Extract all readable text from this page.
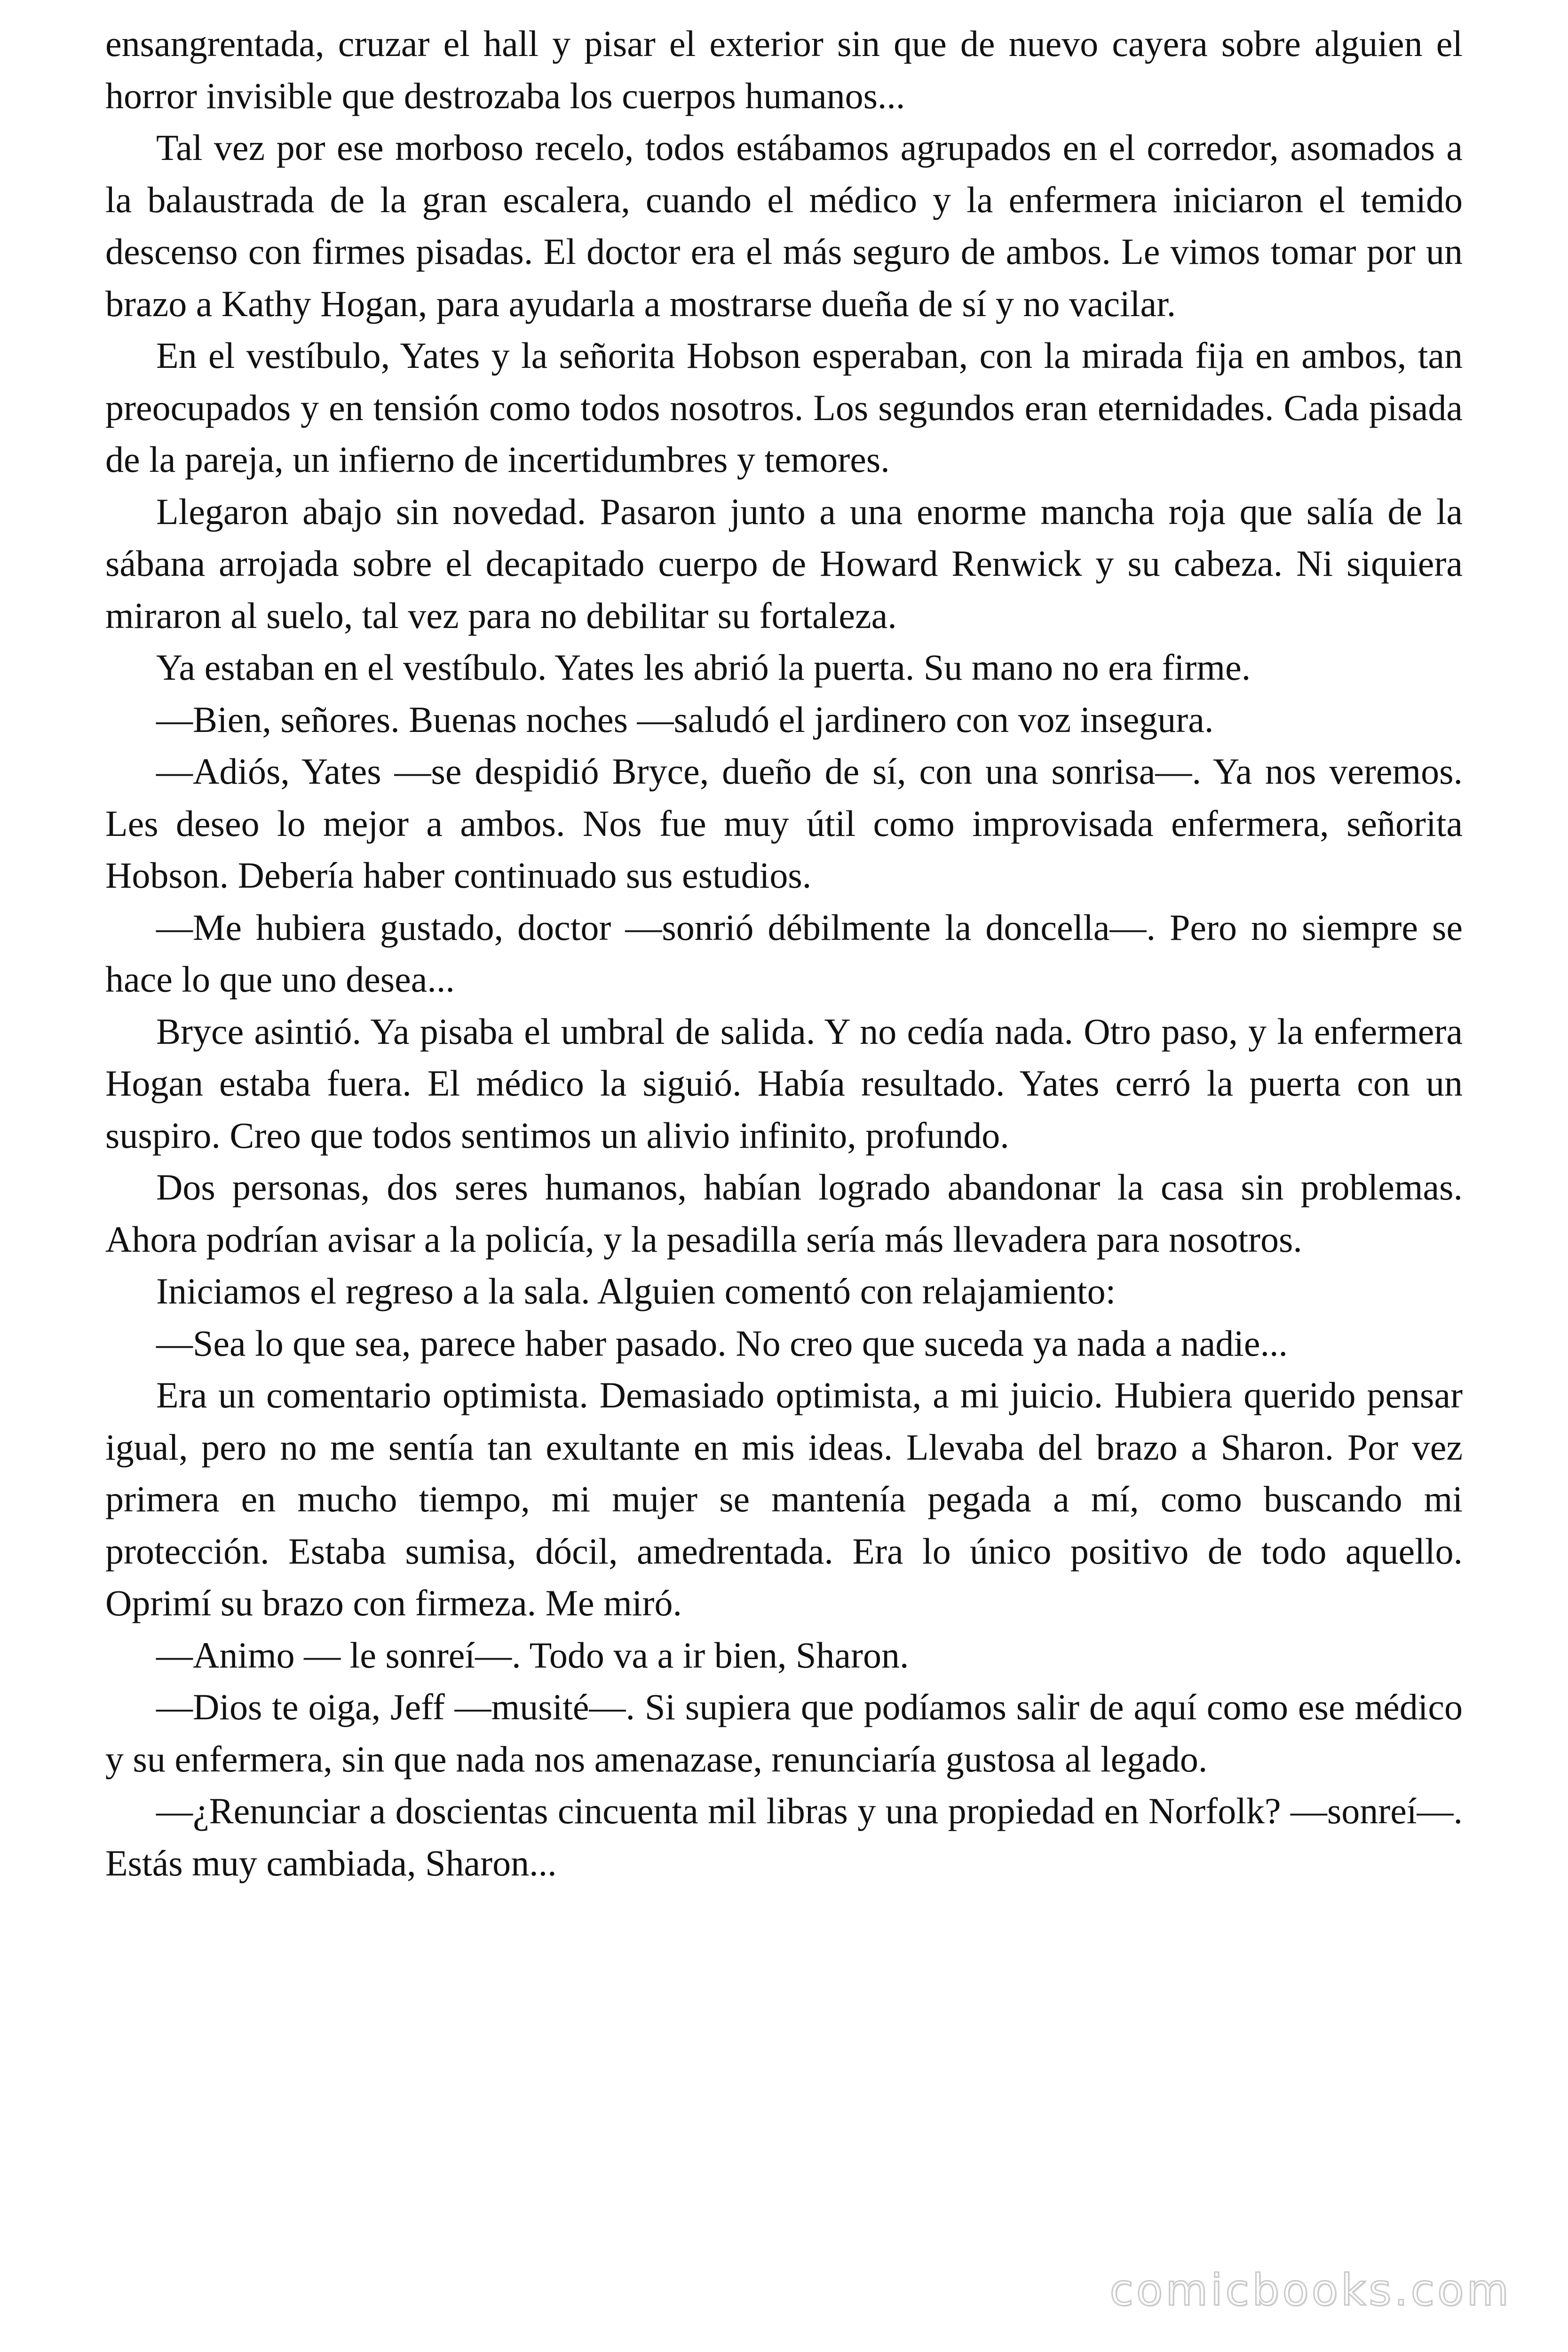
ensangrentada, cruzar el hall y pisar el exterior sin que de nuevo cayera sobre alguien el horror invisible que destrozaba los cuerpos humanos...

Tal vez por ese morboso recelo, todos estábamos agrupados en el corredor, asomados a la balaustrada de la gran escalera, cuando el médico y la enfermera iniciaron el temido descenso con firmes pisadas. El doctor era el más seguro de ambos. Le vimos tomar por un brazo a Kathy Hogan, para ayudarla a mostrarse dueña de sí y no vacilar.

En el vestíbulo, Yates y la señorita Hobson esperaban, con la mirada fija en ambos, tan preocupados y en tensión como todos nosotros. Los segundos eran eternidades. Cada pisada de la pareja, un infierno de incertidumbres y temores.

Llegaron abajo sin novedad. Pasaron junto a una enorme mancha roja que salía de la sábana arrojada sobre el decapitado cuerpo de Howard Renwick y su cabeza. Ni siquiera miraron al suelo, tal vez para no debilitar su fortaleza.

Ya estaban en el vestíbulo. Yates les abrió la puerta. Su mano no era firme.

—Bien, señores. Buenas noches —saludó el jardinero con voz insegura.

—Adiós, Yates —se despidió Bryce, dueño de sí, con una sonrisa—. Ya nos veremos. Les deseo lo mejor a ambos. Nos fue muy útil como improvisada enfermera, señorita Hobson. Debería haber continuado sus estudios.

—Me hubiera gustado, doctor —sonrió débilmente la doncella—. Pero no siempre se hace lo que uno desea...

Bryce asintió. Ya pisaba el umbral de salida. Y no cedía nada. Otro paso, y la enfermera Hogan estaba fuera. El médico la siguió. Había resultado. Yates cerró la puerta con un suspiro. Creo que todos sentimos un alivio infinito, profundo.

Dos personas, dos seres humanos, habían logrado abandonar la casa sin problemas. Ahora podrían avisar a la policía, y la pesadilla sería más llevadera para nosotros.

Iniciamos el regreso a la sala. Alguien comentó con relajamiento:

—Sea lo que sea, parece haber pasado. No creo que suceda ya nada a nadie...

Era un comentario optimista. Demasiado optimista, a mi juicio. Hubiera querido pensar igual, pero no me sentía tan exultante en mis ideas. Llevaba del brazo a Sharon. Por vez primera en mucho tiempo, mi mujer se mantenía pegada a mí, como buscando mi protección. Estaba sumisa, dócil, amedrentada. Era lo único positivo de todo aquello. Oprimí su brazo con firmeza. Me miró.

—Animo — le sonreí—. Todo va a ir bien, Sharon.

—Dios te oiga, Jeff —musité—. Si supiera que podíamos salir de aquí como ese médico y su enfermera, sin que nada nos amenazase, renunciaría gustosa al legado.

—¿Renunciar a doscientas cincuenta mil libras y una propiedad en Norfolk? —sonreí—. Estás muy cambiada, Sharon...

comicbooks.com
